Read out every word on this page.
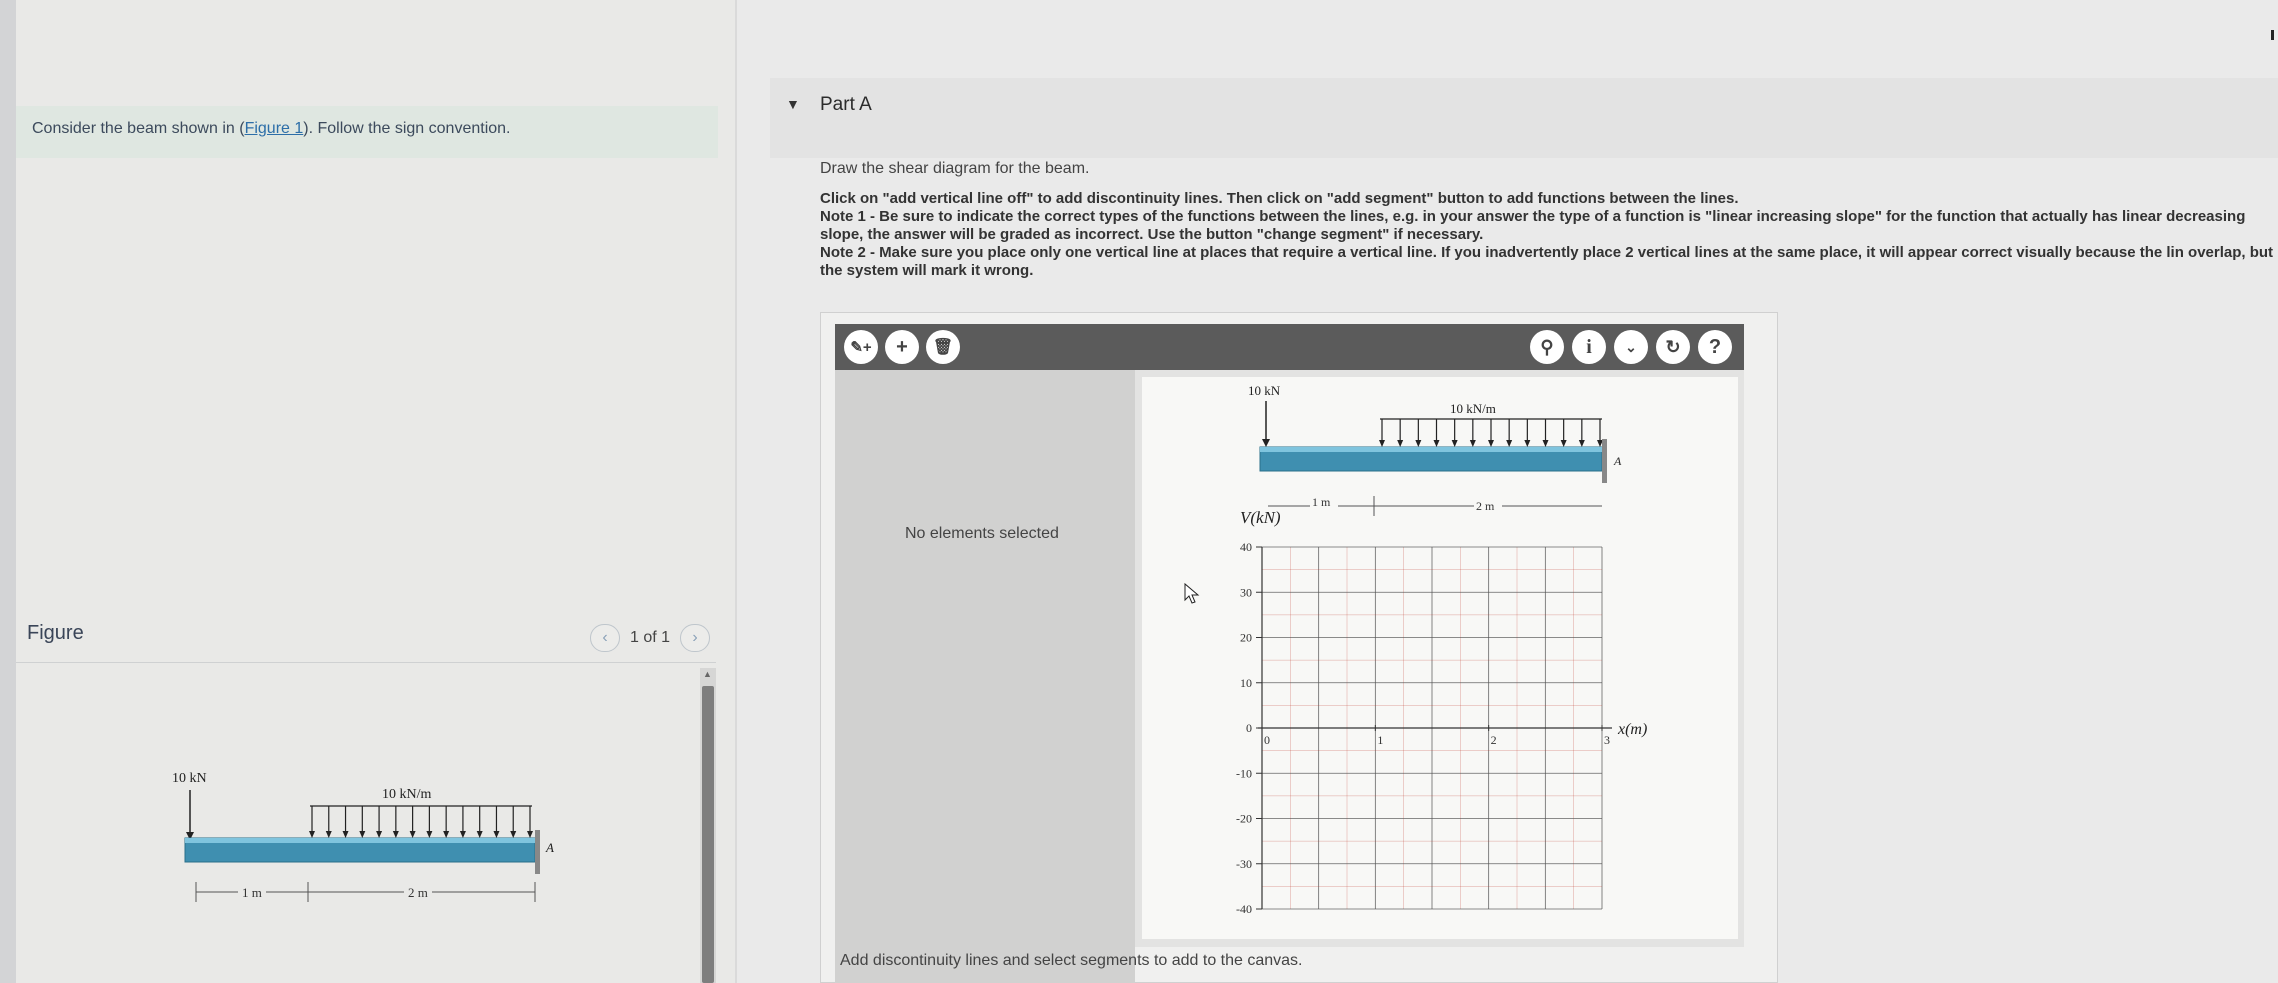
Consider the beam shown in (Figure 1). Follow the sign convention.
Figure	‹	1 of 1	›
10 kN
10 kN/m
A
1 m	2 m
▲
▼ Part A
Draw the shear diagram for the beam.
Click on "add vertical line off" to add discontinuity lines. Then click on "add segment" button to add functions between the lines.
Note 1 - Be sure to indicate the correct types of the functions between the lines, e.g. in your answer the type of a function is "linear increasing slope" for the function that actually has linear decreasing slope, the answer will be graded as incorrect. Use the button "change segment" if necessary.
Note 2 - Make sure you place only one vertical line at places that require a vertical line. If you inadvertently place 2 vertical lines at the same place, it will appear correct visually because the lin overlap, but the system will mark it wrong.
✎+	+	🗑	⚲	i	⌄	↻	?
No elements selected
10 kN
10 kN/m
A
1 m	2 m
V(kN)
x(m)
40
30
20
10
0
-10
-20
-30
-40
0	1	2	3
Add discontinuity lines and select segments to add to the canvas.
